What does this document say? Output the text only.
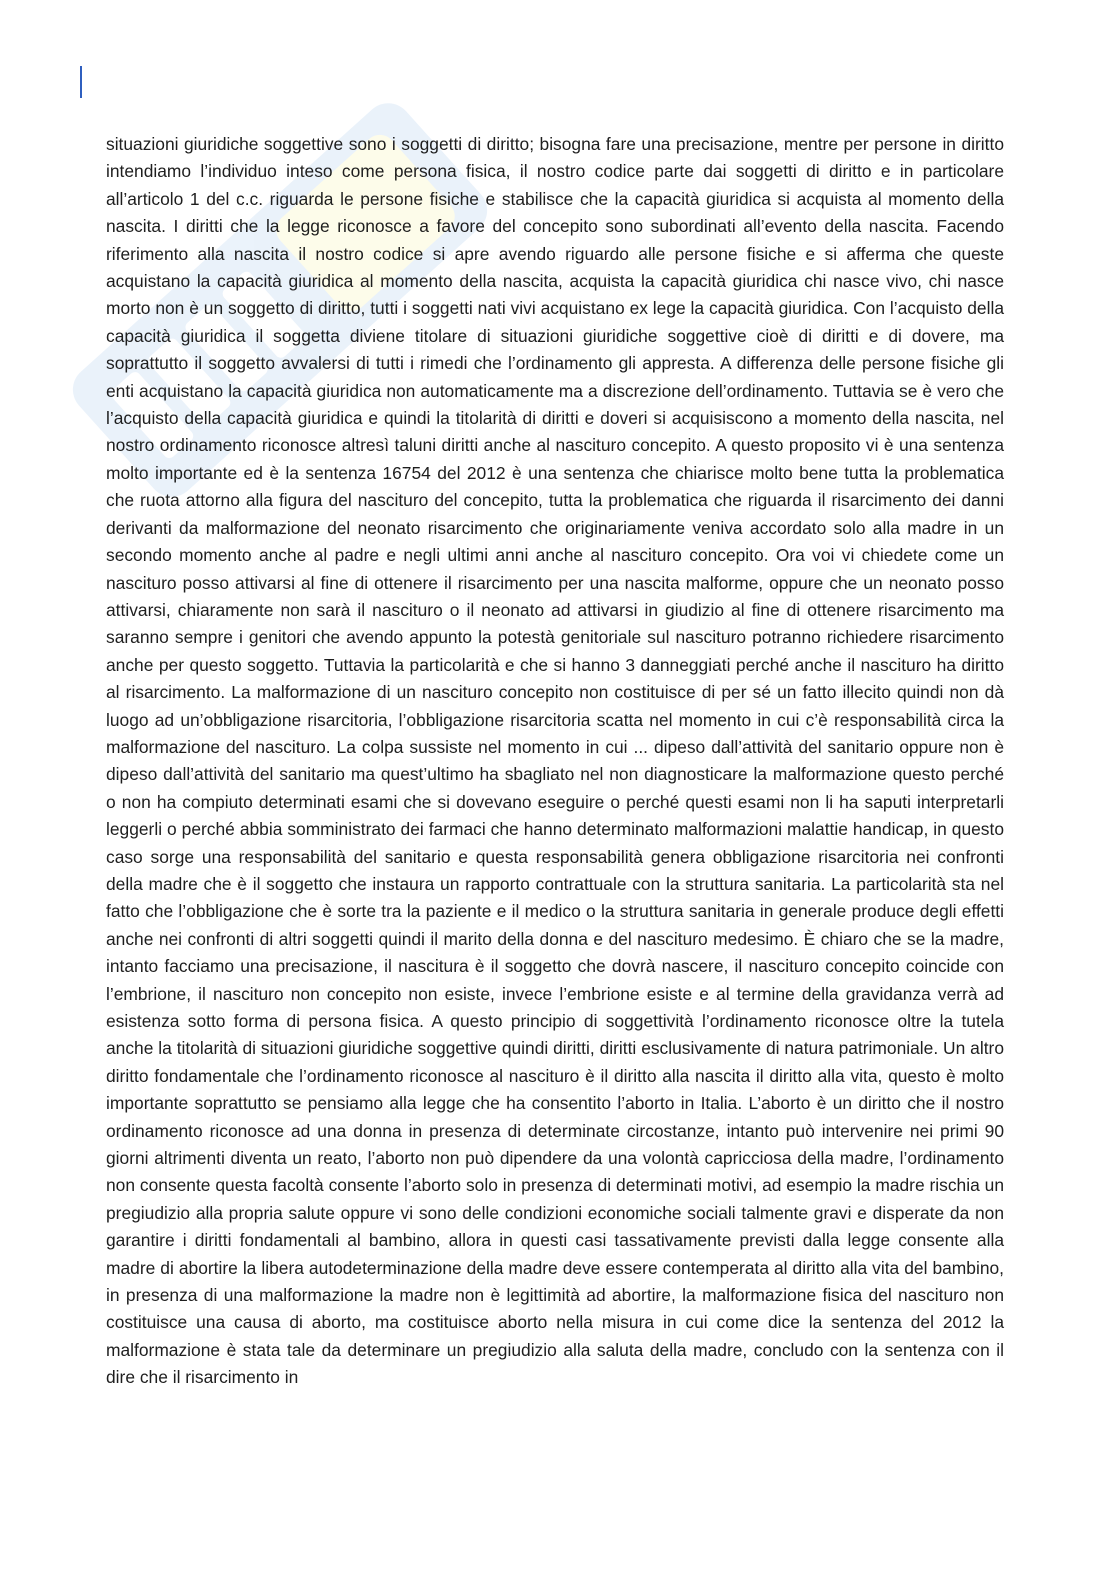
situazioni giuridiche soggettive sono i soggetti di diritto; bisogna fare una precisazione, mentre per persone in diritto intendiamo l’individuo inteso come persona fisica, il nostro codice parte dai soggetti di diritto e in particolare all’articolo 1 del c.c. riguarda le persone fisiche e stabilisce che la capacità giuridica si acquista al momento della nascita. I diritti che la legge riconosce a favore del concepito sono subordinati all’evento della nascita. Facendo riferimento alla nascita il nostro codice si apre avendo riguardo alle persone fisiche e si afferma che queste acquistano la capacità giuridica al momento della nascita, acquista la capacità giuridica chi nasce vivo, chi nasce morto non è un soggetto di diritto, tutti i soggetti nati vivi acquistano ex lege la capacità giuridica. Con l’acquisto della capacità giuridica il soggetta diviene titolare di situazioni giuridiche soggettive cioè di diritti e di dovere, ma soprattutto il soggetto avvalersi di tutti i rimedi che l’ordinamento gli appresta. A differenza delle persone fisiche gli enti acquistano la capacità giuridica non automaticamente ma a discrezione dell’ordinamento. Tuttavia se è vero che l’acquisto della capacità giuridica e quindi la titolarità di diritti e doveri si acquisiscono a momento della nascita, nel nostro ordinamento riconosce altresì taluni diritti anche al nascituro concepito. A questo proposito vi è una sentenza molto importante ed è la sentenza 16754 del 2012 è una sentenza che chiarisce molto bene tutta la problematica che ruota attorno alla figura del nascituro del concepito, tutta la problematica che riguarda il risarcimento dei danni derivanti da malformazione del neonato risarcimento che originariamente veniva accordato solo alla madre in un secondo momento anche al padre e negli ultimi anni anche al nascituro concepito. Ora voi vi chiedete come un nascituro posso attivarsi al fine di ottenere il risarcimento per una nascita malforme, oppure che un neonato posso attivarsi, chiaramente non sarà il nascituro o il neonato ad attivarsi in giudizio al fine di ottenere risarcimento ma saranno sempre i genitori che avendo appunto la potestà genitoriale sul nascituro potranno richiedere risarcimento anche per questo soggetto. Tuttavia la particolarità e che si hanno 3 danneggiati perché anche il nascituro ha diritto al risarcimento. La malformazione di un nascituro concepito non costituisce di per sé un fatto illecito quindi non dà luogo ad un’obbligazione risarcitoria, l’obbligazione risarcitoria scatta nel momento in cui c’è responsabilità circa la malformazione del nascituro. La colpa sussiste nel momento in cui ... dipeso dall’attività del sanitario oppure non è dipeso dall’attività del sanitario ma quest’ultimo ha sbagliato nel non diagnosticare la malformazione questo perché o non ha compiuto determinati esami che si dovevano eseguire o perché questi esami non li ha saputi interpretarli leggerli o perché abbia somministrato dei farmaci che hanno determinato malformazioni malattie handicap, in questo caso sorge una responsabilità del sanitario e questa responsabilità genera obbligazione risarcitoria nei confronti della madre che è il soggetto che instaura un rapporto contrattuale con la struttura sanitaria. La particolarità sta nel fatto che l’obbligazione che è sorte tra la paziente e il medico o la struttura sanitaria in generale produce degli effetti anche nei confronti di altri soggetti quindi il marito della donna e del nascituro medesimo. È chiaro che se la madre, intanto facciamo una precisazione, il nascitura è il soggetto che dovrà nascere, il nascituro concepito coincide con l’embrione, il nascituro non concepito non esiste, invece l’embrione esiste e al termine della gravidanza verrà ad esistenza sotto forma di persona fisica. A questo principio di soggettività l’ordinamento riconosce oltre la tutela anche la titolarità di situazioni giuridiche soggettive quindi diritti, diritti esclusivamente di natura patrimoniale. Un altro diritto fondamentale che l’ordinamento riconosce al nascituro è il diritto alla nascita il diritto alla vita, questo è molto importante soprattutto se pensiamo alla legge che ha consentito l’aborto in Italia. L’aborto è un diritto che il nostro ordinamento riconosce ad una donna in presenza di determinate circostanze, intanto può intervenire nei primi 90 giorni altrimenti diventa un reato, l’aborto non può dipendere da una volontà capricciosa della madre, l’ordinamento non consente questa facoltà consente l’aborto solo in presenza di determinati motivi, ad esempio la madre rischia un pregiudizio alla propria salute oppure vi sono delle condizioni economiche sociali talmente gravi e disperate da non garantire i diritti fondamentali al bambino, allora in questi casi tassativamente previsti dalla legge consente alla madre di abortire la libera autodeterminazione della madre deve essere contemperata al diritto alla vita del bambino, in presenza di una malformazione la madre non è legittimità ad abortire, la malformazione fisica del nascituro non costituisce una causa di aborto, ma costituisce aborto nella misura in cui come dice la sentenza del 2012 la malformazione è stata tale da determinare un pregiudizio alla saluta della madre, concludo con la sentenza con il dire che il risarcimento in
